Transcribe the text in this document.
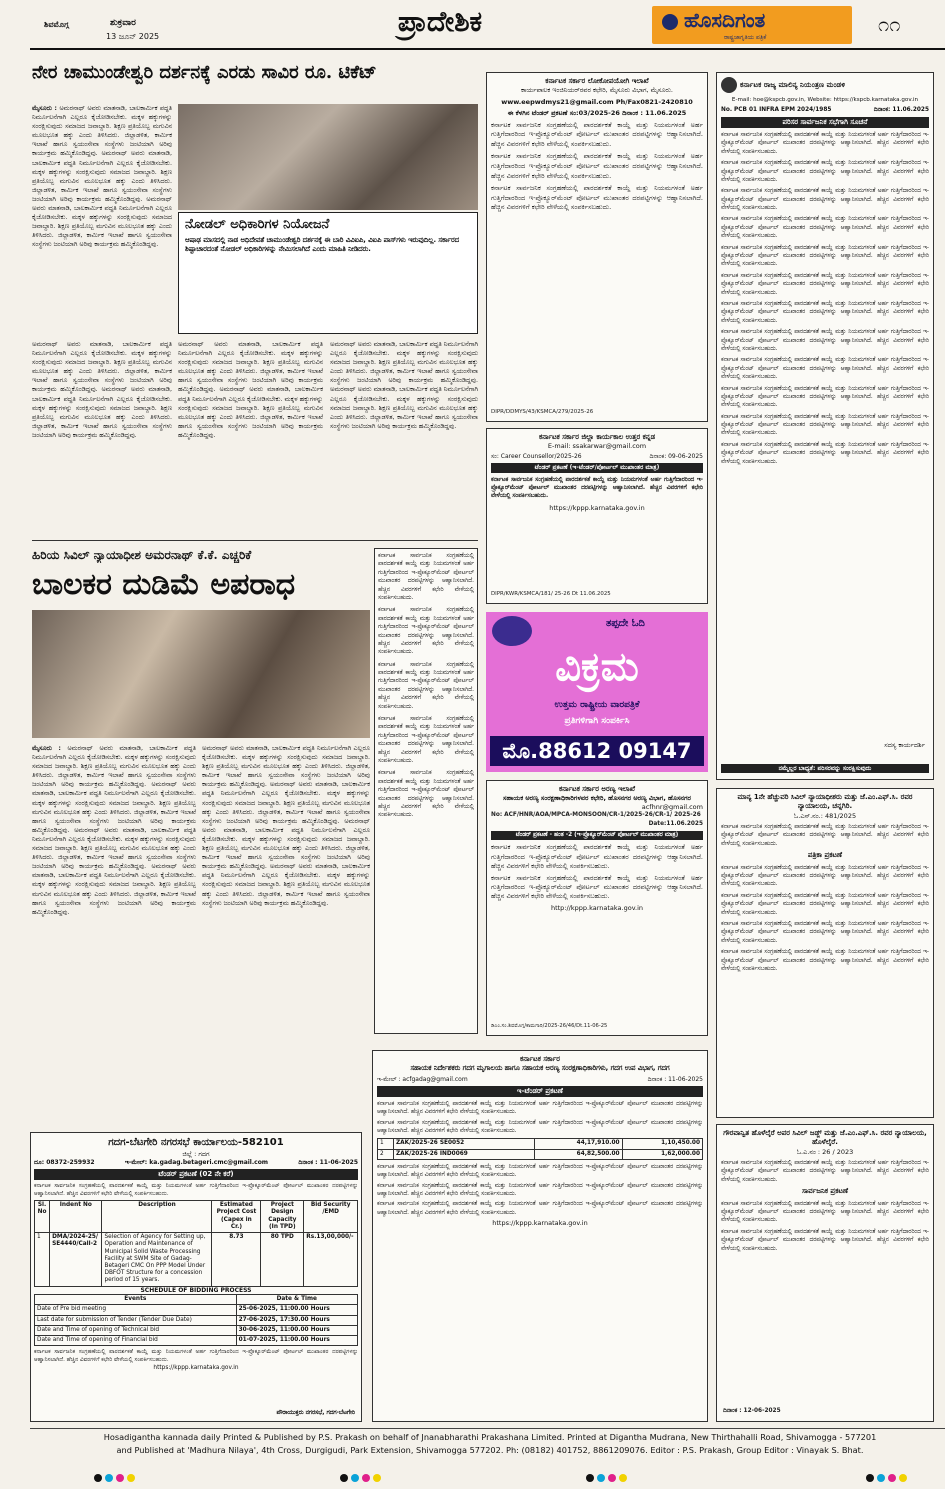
ಶಿವಮೊಗ್ಗ	ಶುಕ್ರವಾರ
13 ಜೂನ್ 2025	ಪ್ರಾದೇಶಿಕ	ಹೊಸದಿಗಂತ
ರಾಷ್ಟ್ರಜಾಗೃತಿಯ ಪತ್ರಿಕೆ
೧೧
ನೇರ ಚಾಮುಂಡೇಶ್ವರಿ ದರ್ಶನಕ್ಕೆ ಎರಡು ಸಾವಿರ ರೂ. ಟಿಕೆಟ್
ಮೈಸೂರು : ಅಮರನಾಥ್ ಅವರು ಮಾತನಾಡಿ, ಬಾಲಕಾರ್ಮಿಕ ಪದ್ಧತಿ ನಿರ್ಮೂಲನೆಗಾಗಿ ಎಲ್ಲರೂ ಕೈಜೋಡಿಸಬೇಕು. ಮಕ್ಕಳ ಹಕ್ಕುಗಳನ್ನು ಸಂರಕ್ಷಿಸುವುದು ಸಮಾಜದ ಜವಾಬ್ದಾರಿ. ಶಿಕ್ಷಣ ಪ್ರತಿಯೊಬ್ಬ ಮಗುವಿನ ಮೂಲಭೂತ ಹಕ್ಕು ಎಂದು ತಿಳಿಸಿದರು. ಜಿಲ್ಲಾಡಳಿತ, ಕಾರ್ಮಿಕ ಇಲಾಖೆ ಹಾಗೂ ಸ್ವಯಂಸೇವಾ ಸಂಸ್ಥೆಗಳು ಜಂಟಿಯಾಗಿ ಅರಿವು ಕಾರ್ಯಕ್ರಮ ಹಮ್ಮಿಕೊಂಡಿದ್ದವು. ಅಮರನಾಥ್ ಅವರು ಮಾತನಾಡಿ, ಬಾಲಕಾರ್ಮಿಕ ಪದ್ಧತಿ ನಿರ್ಮೂಲನೆಗಾಗಿ ಎಲ್ಲರೂ ಕೈಜೋಡಿಸಬೇಕು. ಮಕ್ಕಳ ಹಕ್ಕುಗಳನ್ನು ಸಂರಕ್ಷಿಸುವುದು ಸಮಾಜದ ಜವಾಬ್ದಾರಿ. ಶಿಕ್ಷಣ ಪ್ರತಿಯೊಬ್ಬ ಮಗುವಿನ ಮೂಲಭೂತ ಹಕ್ಕು ಎಂದು ತಿಳಿಸಿದರು. ಜಿಲ್ಲಾಡಳಿತ, ಕಾರ್ಮಿಕ ಇಲಾಖೆ ಹಾಗೂ ಸ್ವಯಂಸೇವಾ ಸಂಸ್ಥೆಗಳು ಜಂಟಿಯಾಗಿ ಅರಿವು ಕಾರ್ಯಕ್ರಮ ಹಮ್ಮಿಕೊಂಡಿದ್ದವು. ಅಮರನಾಥ್ ಅವರು ಮಾತನಾಡಿ, ಬಾಲಕಾರ್ಮಿಕ ಪದ್ಧತಿ ನಿರ್ಮೂಲನೆಗಾಗಿ ಎಲ್ಲರೂ ಕೈಜೋಡಿಸಬೇಕು. ಮಕ್ಕಳ ಹಕ್ಕುಗಳನ್ನು ಸಂರಕ್ಷಿಸುವುದು ಸಮಾಜದ ಜವಾಬ್ದಾರಿ. ಶಿಕ್ಷಣ ಪ್ರತಿಯೊಬ್ಬ ಮಗುವಿನ ಮೂಲಭೂತ ಹಕ್ಕು ಎಂದು ತಿಳಿಸಿದರು. ಜಿಲ್ಲಾಡಳಿತ, ಕಾರ್ಮಿಕ ಇಲಾಖೆ ಹಾಗೂ ಸ್ವಯಂಸೇವಾ ಸಂಸ್ಥೆಗಳು ಜಂಟಿಯಾಗಿ ಅರಿವು ಕಾರ್ಯಕ್ರಮ ಹಮ್ಮಿಕೊಂಡಿದ್ದವು.
ನೋಡಲ್ ಅಧಿಕಾರಿಗಳ ನಿಯೋಜನೆ
ಆಷಾಢ ಮಾಸದಲ್ಲಿ ನಾಡ ಅಧಿದೇವತೆ ಚಾಮುಂಡೇಶ್ವರಿ ದರ್ಶನಕ್ಕೆ ಈ ಬಾರಿ ವಿವಿಐಪಿ, ವಿಐಪಿ ಪಾಸ್‌ಗಳು ಇರುವುದಿಲ್ಲ. ಸರ್ಕಾರದ ಶಿಷ್ಟಾಚಾರದಂತೆ ನೋಡಲ್ ಅಧಿಕಾರಿಗಳನ್ನು ನೇಮಿಸಲಾಗಿದೆ ಎಂದು ಮಾಹಿತಿ ನೀಡಿದರು.
ಅಮರನಾಥ್ ಅವರು ಮಾತನಾಡಿ, ಬಾಲಕಾರ್ಮಿಕ ಪದ್ಧತಿ ನಿರ್ಮೂಲನೆಗಾಗಿ ಎಲ್ಲರೂ ಕೈಜೋಡಿಸಬೇಕು. ಮಕ್ಕಳ ಹಕ್ಕುಗಳನ್ನು ಸಂರಕ್ಷಿಸುವುದು ಸಮಾಜದ ಜವಾಬ್ದಾರಿ. ಶಿಕ್ಷಣ ಪ್ರತಿಯೊಬ್ಬ ಮಗುವಿನ ಮೂಲಭೂತ ಹಕ್ಕು ಎಂದು ತಿಳಿಸಿದರು. ಜಿಲ್ಲಾಡಳಿತ, ಕಾರ್ಮಿಕ ಇಲಾಖೆ ಹಾಗೂ ಸ್ವಯಂಸೇವಾ ಸಂಸ್ಥೆಗಳು ಜಂಟಿಯಾಗಿ ಅರಿವು ಕಾರ್ಯಕ್ರಮ ಹಮ್ಮಿಕೊಂಡಿದ್ದವು. ಅಮರನಾಥ್ ಅವರು ಮಾತನಾಡಿ, ಬಾಲಕಾರ್ಮಿಕ ಪದ್ಧತಿ ನಿರ್ಮೂಲನೆಗಾಗಿ ಎಲ್ಲರೂ ಕೈಜೋಡಿಸಬೇಕು. ಮಕ್ಕಳ ಹಕ್ಕುಗಳನ್ನು ಸಂರಕ್ಷಿಸುವುದು ಸಮಾಜದ ಜವಾಬ್ದಾರಿ. ಶಿಕ್ಷಣ ಪ್ರತಿಯೊಬ್ಬ ಮಗುವಿನ ಮೂಲಭೂತ ಹಕ್ಕು ಎಂದು ತಿಳಿಸಿದರು. ಜಿಲ್ಲಾಡಳಿತ, ಕಾರ್ಮಿಕ ಇಲಾಖೆ ಹಾಗೂ ಸ್ವಯಂಸೇವಾ ಸಂಸ್ಥೆಗಳು ಜಂಟಿಯಾಗಿ ಅರಿವು ಕಾರ್ಯಕ್ರಮ ಹಮ್ಮಿಕೊಂಡಿದ್ದವು.
ಅಮರನಾಥ್ ಅವರು ಮಾತನಾಡಿ, ಬಾಲಕಾರ್ಮಿಕ ಪದ್ಧತಿ ನಿರ್ಮೂಲನೆಗಾಗಿ ಎಲ್ಲರೂ ಕೈಜೋಡಿಸಬೇಕು. ಮಕ್ಕಳ ಹಕ್ಕುಗಳನ್ನು ಸಂರಕ್ಷಿಸುವುದು ಸಮಾಜದ ಜವಾಬ್ದಾರಿ. ಶಿಕ್ಷಣ ಪ್ರತಿಯೊಬ್ಬ ಮಗುವಿನ ಮೂಲಭೂತ ಹಕ್ಕು ಎಂದು ತಿಳಿಸಿದರು. ಜಿಲ್ಲಾಡಳಿತ, ಕಾರ್ಮಿಕ ಇಲಾಖೆ ಹಾಗೂ ಸ್ವಯಂಸೇವಾ ಸಂಸ್ಥೆಗಳು ಜಂಟಿಯಾಗಿ ಅರಿವು ಕಾರ್ಯಕ್ರಮ ಹಮ್ಮಿಕೊಂಡಿದ್ದವು. ಅಮರನಾಥ್ ಅವರು ಮಾತನಾಡಿ, ಬಾಲಕಾರ್ಮಿಕ ಪದ್ಧತಿ ನಿರ್ಮೂಲನೆಗಾಗಿ ಎಲ್ಲರೂ ಕೈಜೋಡಿಸಬೇಕು. ಮಕ್ಕಳ ಹಕ್ಕುಗಳನ್ನು ಸಂರಕ್ಷಿಸುವುದು ಸಮಾಜದ ಜವಾಬ್ದಾರಿ. ಶಿಕ್ಷಣ ಪ್ರತಿಯೊಬ್ಬ ಮಗುವಿನ ಮೂಲಭೂತ ಹಕ್ಕು ಎಂದು ತಿಳಿಸಿದರು. ಜಿಲ್ಲಾಡಳಿತ, ಕಾರ್ಮಿಕ ಇಲಾಖೆ ಹಾಗೂ ಸ್ವಯಂಸೇವಾ ಸಂಸ್ಥೆಗಳು ಜಂಟಿಯಾಗಿ ಅರಿವು ಕಾರ್ಯಕ್ರಮ ಹಮ್ಮಿಕೊಂಡಿದ್ದವು.
ಅಮರನಾಥ್ ಅವರು ಮಾತನಾಡಿ, ಬಾಲಕಾರ್ಮಿಕ ಪದ್ಧತಿ ನಿರ್ಮೂಲನೆಗಾಗಿ ಎಲ್ಲರೂ ಕೈಜೋಡಿಸಬೇಕು. ಮಕ್ಕಳ ಹಕ್ಕುಗಳನ್ನು ಸಂರಕ್ಷಿಸುವುದು ಸಮಾಜದ ಜವಾಬ್ದಾರಿ. ಶಿಕ್ಷಣ ಪ್ರತಿಯೊಬ್ಬ ಮಗುವಿನ ಮೂಲಭೂತ ಹಕ್ಕು ಎಂದು ತಿಳಿಸಿದರು. ಜಿಲ್ಲಾಡಳಿತ, ಕಾರ್ಮಿಕ ಇಲಾಖೆ ಹಾಗೂ ಸ್ವಯಂಸೇವಾ ಸಂಸ್ಥೆಗಳು ಜಂಟಿಯಾಗಿ ಅರಿವು ಕಾರ್ಯಕ್ರಮ ಹಮ್ಮಿಕೊಂಡಿದ್ದವು. ಅಮರನಾಥ್ ಅವರು ಮಾತನಾಡಿ, ಬಾಲಕಾರ್ಮಿಕ ಪದ್ಧತಿ ನಿರ್ಮೂಲನೆಗಾಗಿ ಎಲ್ಲರೂ ಕೈಜೋಡಿಸಬೇಕು. ಮಕ್ಕಳ ಹಕ್ಕುಗಳನ್ನು ಸಂರಕ್ಷಿಸುವುದು ಸಮಾಜದ ಜವಾಬ್ದಾರಿ. ಶಿಕ್ಷಣ ಪ್ರತಿಯೊಬ್ಬ ಮಗುವಿನ ಮೂಲಭೂತ ಹಕ್ಕು ಎಂದು ತಿಳಿಸಿದರು. ಜಿಲ್ಲಾಡಳಿತ, ಕಾರ್ಮಿಕ ಇಲಾಖೆ ಹಾಗೂ ಸ್ವಯಂಸೇವಾ ಸಂಸ್ಥೆಗಳು ಜಂಟಿಯಾಗಿ ಅರಿವು ಕಾರ್ಯಕ್ರಮ ಹಮ್ಮಿಕೊಂಡಿದ್ದವು.
ಹಿರಿಯ ಸಿವಿಲ್ ನ್ಯಾಯಾಧೀಶ ಅಮರನಾಥ್ ಕೆ.ಕೆ. ಎಚ್ಚರಿಕೆ
ಬಾಲಕರ ದುಡಿಮೆ ಅಪರಾಧ
ಮೈಸೂರು : ಅಮರನಾಥ್ ಅವರು ಮಾತನಾಡಿ, ಬಾಲಕಾರ್ಮಿಕ ಪದ್ಧತಿ ನಿರ್ಮೂಲನೆಗಾಗಿ ಎಲ್ಲರೂ ಕೈಜೋಡಿಸಬೇಕು. ಮಕ್ಕಳ ಹಕ್ಕುಗಳನ್ನು ಸಂರಕ್ಷಿಸುವುದು ಸಮಾಜದ ಜವಾಬ್ದಾರಿ. ಶಿಕ್ಷಣ ಪ್ರತಿಯೊಬ್ಬ ಮಗುವಿನ ಮೂಲಭೂತ ಹಕ್ಕು ಎಂದು ತಿಳಿಸಿದರು. ಜಿಲ್ಲಾಡಳಿತ, ಕಾರ್ಮಿಕ ಇಲಾಖೆ ಹಾಗೂ ಸ್ವಯಂಸೇವಾ ಸಂಸ್ಥೆಗಳು ಜಂಟಿಯಾಗಿ ಅರಿವು ಕಾರ್ಯಕ್ರಮ ಹಮ್ಮಿಕೊಂಡಿದ್ದವು. ಅಮರನಾಥ್ ಅವರು ಮಾತನಾಡಿ, ಬಾಲಕಾರ್ಮಿಕ ಪದ್ಧತಿ ನಿರ್ಮೂಲನೆಗಾಗಿ ಎಲ್ಲರೂ ಕೈಜೋಡಿಸಬೇಕು. ಮಕ್ಕಳ ಹಕ್ಕುಗಳನ್ನು ಸಂರಕ್ಷಿಸುವುದು ಸಮಾಜದ ಜವಾಬ್ದಾರಿ. ಶಿಕ್ಷಣ ಪ್ರತಿಯೊಬ್ಬ ಮಗುವಿನ ಮೂಲಭೂತ ಹಕ್ಕು ಎಂದು ತಿಳಿಸಿದರು. ಜಿಲ್ಲಾಡಳಿತ, ಕಾರ್ಮಿಕ ಇಲಾಖೆ ಹಾಗೂ ಸ್ವಯಂಸೇವಾ ಸಂಸ್ಥೆಗಳು ಜಂಟಿಯಾಗಿ ಅರಿವು ಕಾರ್ಯಕ್ರಮ ಹಮ್ಮಿಕೊಂಡಿದ್ದವು. ಅಮರನಾಥ್ ಅವರು ಮಾತನಾಡಿ, ಬಾಲಕಾರ್ಮಿಕ ಪದ್ಧತಿ ನಿರ್ಮೂಲನೆಗಾಗಿ ಎಲ್ಲರೂ ಕೈಜೋಡಿಸಬೇಕು. ಮಕ್ಕಳ ಹಕ್ಕುಗಳನ್ನು ಸಂರಕ್ಷಿಸುವುದು ಸಮಾಜದ ಜವಾಬ್ದಾರಿ. ಶಿಕ್ಷಣ ಪ್ರತಿಯೊಬ್ಬ ಮಗುವಿನ ಮೂಲಭೂತ ಹಕ್ಕು ಎಂದು ತಿಳಿಸಿದರು. ಜಿಲ್ಲಾಡಳಿತ, ಕಾರ್ಮಿಕ ಇಲಾಖೆ ಹಾಗೂ ಸ್ವಯಂಸೇವಾ ಸಂಸ್ಥೆಗಳು ಜಂಟಿಯಾಗಿ ಅರಿವು ಕಾರ್ಯಕ್ರಮ ಹಮ್ಮಿಕೊಂಡಿದ್ದವು. ಅಮರನಾಥ್ ಅವರು ಮಾತನಾಡಿ, ಬಾಲಕಾರ್ಮಿಕ ಪದ್ಧತಿ ನಿರ್ಮೂಲನೆಗಾಗಿ ಎಲ್ಲರೂ ಕೈಜೋಡಿಸಬೇಕು. ಮಕ್ಕಳ ಹಕ್ಕುಗಳನ್ನು ಸಂರಕ್ಷಿಸುವುದು ಸಮಾಜದ ಜವಾಬ್ದಾರಿ. ಶಿಕ್ಷಣ ಪ್ರತಿಯೊಬ್ಬ ಮಗುವಿನ ಮೂಲಭೂತ ಹಕ್ಕು ಎಂದು ತಿಳಿಸಿದರು. ಜಿಲ್ಲಾಡಳಿತ, ಕಾರ್ಮಿಕ ಇಲಾಖೆ ಹಾಗೂ ಸ್ವಯಂಸೇವಾ ಸಂಸ್ಥೆಗಳು ಜಂಟಿಯಾಗಿ ಅರಿವು ಕಾರ್ಯಕ್ರಮ ಹಮ್ಮಿಕೊಂಡಿದ್ದವು.
ಅಮರನಾಥ್ ಅವರು ಮಾತನಾಡಿ, ಬಾಲಕಾರ್ಮಿಕ ಪದ್ಧತಿ ನಿರ್ಮೂಲನೆಗಾಗಿ ಎಲ್ಲರೂ ಕೈಜೋಡಿಸಬೇಕು. ಮಕ್ಕಳ ಹಕ್ಕುಗಳನ್ನು ಸಂರಕ್ಷಿಸುವುದು ಸಮಾಜದ ಜವಾಬ್ದಾರಿ. ಶಿಕ್ಷಣ ಪ್ರತಿಯೊಬ್ಬ ಮಗುವಿನ ಮೂಲಭೂತ ಹಕ್ಕು ಎಂದು ತಿಳಿಸಿದರು. ಜಿಲ್ಲಾಡಳಿತ, ಕಾರ್ಮಿಕ ಇಲಾಖೆ ಹಾಗೂ ಸ್ವಯಂಸೇವಾ ಸಂಸ್ಥೆಗಳು ಜಂಟಿಯಾಗಿ ಅರಿವು ಕಾರ್ಯಕ್ರಮ ಹಮ್ಮಿಕೊಂಡಿದ್ದವು. ಅಮರನಾಥ್ ಅವರು ಮಾತನಾಡಿ, ಬಾಲಕಾರ್ಮಿಕ ಪದ್ಧತಿ ನಿರ್ಮೂಲನೆಗಾಗಿ ಎಲ್ಲರೂ ಕೈಜೋಡಿಸಬೇಕು. ಮಕ್ಕಳ ಹಕ್ಕುಗಳನ್ನು ಸಂರಕ್ಷಿಸುವುದು ಸಮಾಜದ ಜವಾಬ್ದಾರಿ. ಶಿಕ್ಷಣ ಪ್ರತಿಯೊಬ್ಬ ಮಗುವಿನ ಮೂಲಭೂತ ಹಕ್ಕು ಎಂದು ತಿಳಿಸಿದರು. ಜಿಲ್ಲಾಡಳಿತ, ಕಾರ್ಮಿಕ ಇಲಾಖೆ ಹಾಗೂ ಸ್ವಯಂಸೇವಾ ಸಂಸ್ಥೆಗಳು ಜಂಟಿಯಾಗಿ ಅರಿವು ಕಾರ್ಯಕ್ರಮ ಹಮ್ಮಿಕೊಂಡಿದ್ದವು. ಅಮರನಾಥ್ ಅವರು ಮಾತನಾಡಿ, ಬಾಲಕಾರ್ಮಿಕ ಪದ್ಧತಿ ನಿರ್ಮೂಲನೆಗಾಗಿ ಎಲ್ಲರೂ ಕೈಜೋಡಿಸಬೇಕು. ಮಕ್ಕಳ ಹಕ್ಕುಗಳನ್ನು ಸಂರಕ್ಷಿಸುವುದು ಸಮಾಜದ ಜವಾಬ್ದಾರಿ. ಶಿಕ್ಷಣ ಪ್ರತಿಯೊಬ್ಬ ಮಗುವಿನ ಮೂಲಭೂತ ಹಕ್ಕು ಎಂದು ತಿಳಿಸಿದರು. ಜಿಲ್ಲಾಡಳಿತ, ಕಾರ್ಮಿಕ ಇಲಾಖೆ ಹಾಗೂ ಸ್ವಯಂಸೇವಾ ಸಂಸ್ಥೆಗಳು ಜಂಟಿಯಾಗಿ ಅರಿವು ಕಾರ್ಯಕ್ರಮ ಹಮ್ಮಿಕೊಂಡಿದ್ದವು. ಅಮರನಾಥ್ ಅವರು ಮಾತನಾಡಿ, ಬಾಲಕಾರ್ಮಿಕ ಪದ್ಧತಿ ನಿರ್ಮೂಲನೆಗಾಗಿ ಎಲ್ಲರೂ ಕೈಜೋಡಿಸಬೇಕು. ಮಕ್ಕಳ ಹಕ್ಕುಗಳನ್ನು ಸಂರಕ್ಷಿಸುವುದು ಸಮಾಜದ ಜವಾಬ್ದಾರಿ. ಶಿಕ್ಷಣ ಪ್ರತಿಯೊಬ್ಬ ಮಗುವಿನ ಮೂಲಭೂತ ಹಕ್ಕು ಎಂದು ತಿಳಿಸಿದರು. ಜಿಲ್ಲಾಡಳಿತ, ಕಾರ್ಮಿಕ ಇಲಾಖೆ ಹಾಗೂ ಸ್ವಯಂಸೇವಾ ಸಂಸ್ಥೆಗಳು ಜಂಟಿಯಾಗಿ ಅರಿವು ಕಾರ್ಯಕ್ರಮ ಹಮ್ಮಿಕೊಂಡಿದ್ದವು.
ಕರ್ನಾಟಕ ಸಾರ್ವಜನಿಕ ಸಂಗ್ರಹಣೆಯಲ್ಲಿ ಪಾರದರ್ಶಕತೆ ಕಾಯ್ದೆ ಮತ್ತು ನಿಯಮಗಳಂತೆ ಅರ್ಹ ಗುತ್ತಿಗೆದಾರರಿಂದ ಇ-ಪ್ರೊಕ್ಯೂರ್‌ಮೆಂಟ್ ಪೋರ್ಟಲ್ ಮುಖಾಂತರ ದರಪಟ್ಟಿಗಳನ್ನು ಆಹ್ವಾನಿಸಲಾಗಿದೆ. ಹೆಚ್ಚಿನ ವಿವರಗಳಿಗೆ ಕಛೇರಿ ವೇಳೆಯಲ್ಲಿ ಸಂಪರ್ಕಿಸಬಹುದು.
ಕರ್ನಾಟಕ ಸಾರ್ವಜನಿಕ ಸಂಗ್ರಹಣೆಯಲ್ಲಿ ಪಾರದರ್ಶಕತೆ ಕಾಯ್ದೆ ಮತ್ತು ನಿಯಮಗಳಂತೆ ಅರ್ಹ ಗುತ್ತಿಗೆದಾರರಿಂದ ಇ-ಪ್ರೊಕ್ಯೂರ್‌ಮೆಂಟ್ ಪೋರ್ಟಲ್ ಮುಖಾಂತರ ದರಪಟ್ಟಿಗಳನ್ನು ಆಹ್ವಾನಿಸಲಾಗಿದೆ. ಹೆಚ್ಚಿನ ವಿವರಗಳಿಗೆ ಕಛೇರಿ ವೇಳೆಯಲ್ಲಿ ಸಂಪರ್ಕಿಸಬಹುದು.
ಕರ್ನಾಟಕ ಸಾರ್ವಜನಿಕ ಸಂಗ್ರಹಣೆಯಲ್ಲಿ ಪಾರದರ್ಶಕತೆ ಕಾಯ್ದೆ ಮತ್ತು ನಿಯಮಗಳಂತೆ ಅರ್ಹ ಗುತ್ತಿಗೆದಾರರಿಂದ ಇ-ಪ್ರೊಕ್ಯೂರ್‌ಮೆಂಟ್ ಪೋರ್ಟಲ್ ಮುಖಾಂತರ ದರಪಟ್ಟಿಗಳನ್ನು ಆಹ್ವಾನಿಸಲಾಗಿದೆ. ಹೆಚ್ಚಿನ ವಿವರಗಳಿಗೆ ಕಛೇರಿ ವೇಳೆಯಲ್ಲಿ ಸಂಪರ್ಕಿಸಬಹುದು.
ಕರ್ನಾಟಕ ಸಾರ್ವಜನಿಕ ಸಂಗ್ರಹಣೆಯಲ್ಲಿ ಪಾರದರ್ಶಕತೆ ಕಾಯ್ದೆ ಮತ್ತು ನಿಯಮಗಳಂತೆ ಅರ್ಹ ಗುತ್ತಿಗೆದಾರರಿಂದ ಇ-ಪ್ರೊಕ್ಯೂರ್‌ಮೆಂಟ್ ಪೋರ್ಟಲ್ ಮುಖಾಂತರ ದರಪಟ್ಟಿಗಳನ್ನು ಆಹ್ವಾನಿಸಲಾಗಿದೆ. ಹೆಚ್ಚಿನ ವಿವರಗಳಿಗೆ ಕಛೇರಿ ವೇಳೆಯಲ್ಲಿ ಸಂಪರ್ಕಿಸಬಹುದು.
ಕರ್ನಾಟಕ ಸಾರ್ವಜನಿಕ ಸಂಗ್ರಹಣೆಯಲ್ಲಿ ಪಾರದರ್ಶಕತೆ ಕಾಯ್ದೆ ಮತ್ತು ನಿಯಮಗಳಂತೆ ಅರ್ಹ ಗುತ್ತಿಗೆದಾರರಿಂದ ಇ-ಪ್ರೊಕ್ಯೂರ್‌ಮೆಂಟ್ ಪೋರ್ಟಲ್ ಮುಖಾಂತರ ದರಪಟ್ಟಿಗಳನ್ನು ಆಹ್ವಾನಿಸಲಾಗಿದೆ. ಹೆಚ್ಚಿನ ವಿವರಗಳಿಗೆ ಕಛೇರಿ ವೇಳೆಯಲ್ಲಿ ಸಂಪರ್ಕಿಸಬಹುದು.
ಕರ್ನಾಟಕ ಸರ್ಕಾರ ಲೋಕೋಪಯೋಗಿ ಇಲಾಖೆ
ಕಾರ್ಯಪಾಲಕ ಇಂಜಿನಿಯರ್‌ರವರ ಕಛೇರಿ, ಮೈಸೂರು ವಿಭಾಗ, ಮೈಸೂರು.
www.eepwdmys21@gmail.com Ph/Fax0821-2420810
ಈ ಕೆಳಗಿನ ಟೆಂಡರ್ ಪ್ರಕಟಣೆ ಸಂ:03/2025-26 ದಿನಾಂಕ : 11.06.2025
ಕರ್ನಾಟಕ ಸಾರ್ವಜನಿಕ ಸಂಗ್ರಹಣೆಯಲ್ಲಿ ಪಾರದರ್ಶಕತೆ ಕಾಯ್ದೆ ಮತ್ತು ನಿಯಮಗಳಂತೆ ಅರ್ಹ ಗುತ್ತಿಗೆದಾರರಿಂದ ಇ-ಪ್ರೊಕ್ಯೂರ್‌ಮೆಂಟ್ ಪೋರ್ಟಲ್ ಮುಖಾಂತರ ದರಪಟ್ಟಿಗಳನ್ನು ಆಹ್ವಾನಿಸಲಾಗಿದೆ. ಹೆಚ್ಚಿನ ವಿವರಗಳಿಗೆ ಕಛೇರಿ ವೇಳೆಯಲ್ಲಿ ಸಂಪರ್ಕಿಸಬಹುದು.
ಕರ್ನಾಟಕ ಸಾರ್ವಜನಿಕ ಸಂಗ್ರಹಣೆಯಲ್ಲಿ ಪಾರದರ್ಶಕತೆ ಕಾಯ್ದೆ ಮತ್ತು ನಿಯಮಗಳಂತೆ ಅರ್ಹ ಗುತ್ತಿಗೆದಾರರಿಂದ ಇ-ಪ್ರೊಕ್ಯೂರ್‌ಮೆಂಟ್ ಪೋರ್ಟಲ್ ಮುಖಾಂತರ ದರಪಟ್ಟಿಗಳನ್ನು ಆಹ್ವಾನಿಸಲಾಗಿದೆ. ಹೆಚ್ಚಿನ ವಿವರಗಳಿಗೆ ಕಛೇರಿ ವೇಳೆಯಲ್ಲಿ ಸಂಪರ್ಕಿಸಬಹುದು.
ಕರ್ನಾಟಕ ಸಾರ್ವಜನಿಕ ಸಂಗ್ರಹಣೆಯಲ್ಲಿ ಪಾರದರ್ಶಕತೆ ಕಾಯ್ದೆ ಮತ್ತು ನಿಯಮಗಳಂತೆ ಅರ್ಹ ಗುತ್ತಿಗೆದಾರರಿಂದ ಇ-ಪ್ರೊಕ್ಯೂರ್‌ಮೆಂಟ್ ಪೋರ್ಟಲ್ ಮುಖಾಂತರ ದರಪಟ್ಟಿಗಳನ್ನು ಆಹ್ವಾನಿಸಲಾಗಿದೆ. ಹೆಚ್ಚಿನ ವಿವರಗಳಿಗೆ ಕಛೇರಿ ವೇಳೆಯಲ್ಲಿ ಸಂಪರ್ಕಿಸಬಹುದು.
DIPR/DDMYS/43/KSMCA/279/2025-26
ಕರ್ನಾಟಕ ಸರ್ಕಾರ ಜಿಲ್ಲಾ ಕಾರ್ಯಕಾಲ ಉತ್ತರ ಕನ್ನಡ
E-mail: ssakarwar@gmail.com
ಸಂ: Career Counsellor/2025-26	ದಿನಾಂಕ: 09-06-2025
ಟೆಂಡರ್ ಪ್ರಕಟಣೆ (ಇ-ಟೆಂಡರ್/ಪೋರ್ಟಲ್ ಮುಖಾಂತರ ಮಾತ್ರ)
ಕರ್ನಾಟಕ ಸಾರ್ವಜನಿಕ ಸಂಗ್ರಹಣೆಯಲ್ಲಿ ಪಾರದರ್ಶಕತೆ ಕಾಯ್ದೆ ಮತ್ತು ನಿಯಮಗಳಂತೆ ಅರ್ಹ ಗುತ್ತಿಗೆದಾರರಿಂದ ಇ-ಪ್ರೊಕ್ಯೂರ್‌ಮೆಂಟ್ ಪೋರ್ಟಲ್ ಮುಖಾಂತರ ದರಪಟ್ಟಿಗಳನ್ನು ಆಹ್ವಾನಿಸಲಾಗಿದೆ. ಹೆಚ್ಚಿನ ವಿವರಗಳಿಗೆ ಕಛೇರಿ ವೇಳೆಯಲ್ಲಿ ಸಂಪರ್ಕಿಸಬಹುದು.
https://kppp.karnataka.gov.in
DIPR/KWR/KSMCA/181/ 25-26 Dt 11.06.2025
ತಪ್ಪದೇ ಓದಿ
ವಿಕ್ರಮ
ಉತ್ತಮ ರಾಷ್ಟ್ರೀಯ ವಾರಪತ್ರಿಕೆ
ಪ್ರತಿಗಳಿಗಾಗಿ ಸಂಪರ್ಕಿಸಿ
ಮೊ.88612 09147
ಕರ್ನಾಟಕ ಸರ್ಕಾರ ಅರಣ್ಯ ಇಲಾಖೆ
ಸಹಾಯಕ ಅರಣ್ಯ ಸಂರಕ್ಷಣಾಧಿಕಾರಿಗಳವರ ಕಛೇರಿ, ಹೊಸನಗರ ಅರಣ್ಯ ವಿಭಾಗ, ಹೊಸನಗರ
acfhnr@gmail.com
No: ACF/HNR/AOA/MPCA-MONSOON/CR-1/2025-26/CR-1/ 2025-26
Date:11.06.2025
ಟೆಂಡರ್ ಪ್ರಕಟಣೆ - ಹಂತ -2 (ಇ-ಪ್ರೊಕ್ಯೂರ್‌ಮೆಂಟ್ ಪೋರ್ಟಲ್ ಮುಖಾಂತರ ಮಾತ್ರ)
ಕರ್ನಾಟಕ ಸಾರ್ವಜನಿಕ ಸಂಗ್ರಹಣೆಯಲ್ಲಿ ಪಾರದರ್ಶಕತೆ ಕಾಯ್ದೆ ಮತ್ತು ನಿಯಮಗಳಂತೆ ಅರ್ಹ ಗುತ್ತಿಗೆದಾರರಿಂದ ಇ-ಪ್ರೊಕ್ಯೂರ್‌ಮೆಂಟ್ ಪೋರ್ಟಲ್ ಮುಖಾಂತರ ದರಪಟ್ಟಿಗಳನ್ನು ಆಹ್ವಾನಿಸಲಾಗಿದೆ. ಹೆಚ್ಚಿನ ವಿವರಗಳಿಗೆ ಕಛೇರಿ ವೇಳೆಯಲ್ಲಿ ಸಂಪರ್ಕಿಸಬಹುದು.
ಕರ್ನಾಟಕ ಸಾರ್ವಜನಿಕ ಸಂಗ್ರಹಣೆಯಲ್ಲಿ ಪಾರದರ್ಶಕತೆ ಕಾಯ್ದೆ ಮತ್ತು ನಿಯಮಗಳಂತೆ ಅರ್ಹ ಗುತ್ತಿಗೆದಾರರಿಂದ ಇ-ಪ್ರೊಕ್ಯೂರ್‌ಮೆಂಟ್ ಪೋರ್ಟಲ್ ಮುಖಾಂತರ ದರಪಟ್ಟಿಗಳನ್ನು ಆಹ್ವಾನಿಸಲಾಗಿದೆ. ಹೆಚ್ಚಿನ ವಿವರಗಳಿಗೆ ಕಛೇರಿ ವೇಳೆಯಲ್ಲಿ ಸಂಪರ್ಕಿಸಬಹುದು.
http://kppp.karnataka.gov.in
ಡಿಎಂ.ಸಂ.ಶಿವಮೊಗ್ಗ/ಕಾಮಗಾರಿ/2025-26/46/Dt.11-06-25
ಕರ್ನಾಟಕ ರಾಜ್ಯ ಮಾಲಿನ್ಯ ನಿಯಂತ್ರಣ ಮಂಡಳಿ
E-mail: hoe@kspcb.gov.in, Website: https://kspcb.karnataka.gov.in
No. PCB 01 INFRA EPM 2024/1985	ದಿನಾಂಕ: 11.06.2025
ಪರಿಸರ ಸಾರ್ವಜನಿಕ ಸಭೆಗಾಗಿ ಸೂಚನೆ
ಕರ್ನಾಟಕ ಸಾರ್ವಜನಿಕ ಸಂಗ್ರಹಣೆಯಲ್ಲಿ ಪಾರದರ್ಶಕತೆ ಕಾಯ್ದೆ ಮತ್ತು ನಿಯಮಗಳಂತೆ ಅರ್ಹ ಗುತ್ತಿಗೆದಾರರಿಂದ ಇ-ಪ್ರೊಕ್ಯೂರ್‌ಮೆಂಟ್ ಪೋರ್ಟಲ್ ಮುಖಾಂತರ ದರಪಟ್ಟಿಗಳನ್ನು ಆಹ್ವಾನಿಸಲಾಗಿದೆ. ಹೆಚ್ಚಿನ ವಿವರಗಳಿಗೆ ಕಛೇರಿ ವೇಳೆಯಲ್ಲಿ ಸಂಪರ್ಕಿಸಬಹುದು.
ಕರ್ನಾಟಕ ಸಾರ್ವಜನಿಕ ಸಂಗ್ರಹಣೆಯಲ್ಲಿ ಪಾರದರ್ಶಕತೆ ಕಾಯ್ದೆ ಮತ್ತು ನಿಯಮಗಳಂತೆ ಅರ್ಹ ಗುತ್ತಿಗೆದಾರರಿಂದ ಇ-ಪ್ರೊಕ್ಯೂರ್‌ಮೆಂಟ್ ಪೋರ್ಟಲ್ ಮುಖಾಂತರ ದರಪಟ್ಟಿಗಳನ್ನು ಆಹ್ವಾನಿಸಲಾಗಿದೆ. ಹೆಚ್ಚಿನ ವಿವರಗಳಿಗೆ ಕಛೇರಿ ವೇಳೆಯಲ್ಲಿ ಸಂಪರ್ಕಿಸಬಹುದು.
ಕರ್ನಾಟಕ ಸಾರ್ವಜನಿಕ ಸಂಗ್ರಹಣೆಯಲ್ಲಿ ಪಾರದರ್ಶಕತೆ ಕಾಯ್ದೆ ಮತ್ತು ನಿಯಮಗಳಂತೆ ಅರ್ಹ ಗುತ್ತಿಗೆದಾರರಿಂದ ಇ-ಪ್ರೊಕ್ಯೂರ್‌ಮೆಂಟ್ ಪೋರ್ಟಲ್ ಮುಖಾಂತರ ದರಪಟ್ಟಿಗಳನ್ನು ಆಹ್ವಾನಿಸಲಾಗಿದೆ. ಹೆಚ್ಚಿನ ವಿವರಗಳಿಗೆ ಕಛೇರಿ ವೇಳೆಯಲ್ಲಿ ಸಂಪರ್ಕಿಸಬಹುದು.
ಕರ್ನಾಟಕ ಸಾರ್ವಜನಿಕ ಸಂಗ್ರಹಣೆಯಲ್ಲಿ ಪಾರದರ್ಶಕತೆ ಕಾಯ್ದೆ ಮತ್ತು ನಿಯಮಗಳಂತೆ ಅರ್ಹ ಗುತ್ತಿಗೆದಾರರಿಂದ ಇ-ಪ್ರೊಕ್ಯೂರ್‌ಮೆಂಟ್ ಪೋರ್ಟಲ್ ಮುಖಾಂತರ ದರಪಟ್ಟಿಗಳನ್ನು ಆಹ್ವಾನಿಸಲಾಗಿದೆ. ಹೆಚ್ಚಿನ ವಿವರಗಳಿಗೆ ಕಛೇರಿ ವೇಳೆಯಲ್ಲಿ ಸಂಪರ್ಕಿಸಬಹುದು.
ಕರ್ನಾಟಕ ಸಾರ್ವಜನಿಕ ಸಂಗ್ರಹಣೆಯಲ್ಲಿ ಪಾರದರ್ಶಕತೆ ಕಾಯ್ದೆ ಮತ್ತು ನಿಯಮಗಳಂತೆ ಅರ್ಹ ಗುತ್ತಿಗೆದಾರರಿಂದ ಇ-ಪ್ರೊಕ್ಯೂರ್‌ಮೆಂಟ್ ಪೋರ್ಟಲ್ ಮುಖಾಂತರ ದರಪಟ್ಟಿಗಳನ್ನು ಆಹ್ವಾನಿಸಲಾಗಿದೆ. ಹೆಚ್ಚಿನ ವಿವರಗಳಿಗೆ ಕಛೇರಿ ವೇಳೆಯಲ್ಲಿ ಸಂಪರ್ಕಿಸಬಹುದು.
ಕರ್ನಾಟಕ ಸಾರ್ವಜನಿಕ ಸಂಗ್ರಹಣೆಯಲ್ಲಿ ಪಾರದರ್ಶಕತೆ ಕಾಯ್ದೆ ಮತ್ತು ನಿಯಮಗಳಂತೆ ಅರ್ಹ ಗುತ್ತಿಗೆದಾರರಿಂದ ಇ-ಪ್ರೊಕ್ಯೂರ್‌ಮೆಂಟ್ ಪೋರ್ಟಲ್ ಮುಖಾಂತರ ದರಪಟ್ಟಿಗಳನ್ನು ಆಹ್ವಾನಿಸಲಾಗಿದೆ. ಹೆಚ್ಚಿನ ವಿವರಗಳಿಗೆ ಕಛೇರಿ ವೇಳೆಯಲ್ಲಿ ಸಂಪರ್ಕಿಸಬಹುದು.
ಕರ್ನಾಟಕ ಸಾರ್ವಜನಿಕ ಸಂಗ್ರಹಣೆಯಲ್ಲಿ ಪಾರದರ್ಶಕತೆ ಕಾಯ್ದೆ ಮತ್ತು ನಿಯಮಗಳಂತೆ ಅರ್ಹ ಗುತ್ತಿಗೆದಾರರಿಂದ ಇ-ಪ್ರೊಕ್ಯೂರ್‌ಮೆಂಟ್ ಪೋರ್ಟಲ್ ಮುಖಾಂತರ ದರಪಟ್ಟಿಗಳನ್ನು ಆಹ್ವಾನಿಸಲಾಗಿದೆ. ಹೆಚ್ಚಿನ ವಿವರಗಳಿಗೆ ಕಛೇರಿ ವೇಳೆಯಲ್ಲಿ ಸಂಪರ್ಕಿಸಬಹುದು.
ಕರ್ನಾಟಕ ಸಾರ್ವಜನಿಕ ಸಂಗ್ರಹಣೆಯಲ್ಲಿ ಪಾರದರ್ಶಕತೆ ಕಾಯ್ದೆ ಮತ್ತು ನಿಯಮಗಳಂತೆ ಅರ್ಹ ಗುತ್ತಿಗೆದಾರರಿಂದ ಇ-ಪ್ರೊಕ್ಯೂರ್‌ಮೆಂಟ್ ಪೋರ್ಟಲ್ ಮುಖಾಂತರ ದರಪಟ್ಟಿಗಳನ್ನು ಆಹ್ವಾನಿಸಲಾಗಿದೆ. ಹೆಚ್ಚಿನ ವಿವರಗಳಿಗೆ ಕಛೇರಿ ವೇಳೆಯಲ್ಲಿ ಸಂಪರ್ಕಿಸಬಹುದು.
ಕರ್ನಾಟಕ ಸಾರ್ವಜನಿಕ ಸಂಗ್ರಹಣೆಯಲ್ಲಿ ಪಾರದರ್ಶಕತೆ ಕಾಯ್ದೆ ಮತ್ತು ನಿಯಮಗಳಂತೆ ಅರ್ಹ ಗುತ್ತಿಗೆದಾರರಿಂದ ಇ-ಪ್ರೊಕ್ಯೂರ್‌ಮೆಂಟ್ ಪೋರ್ಟಲ್ ಮುಖಾಂತರ ದರಪಟ್ಟಿಗಳನ್ನು ಆಹ್ವಾನಿಸಲಾಗಿದೆ. ಹೆಚ್ಚಿನ ವಿವರಗಳಿಗೆ ಕಛೇರಿ ವೇಳೆಯಲ್ಲಿ ಸಂಪರ್ಕಿಸಬಹುದು.
ಕರ್ನಾಟಕ ಸಾರ್ವಜನಿಕ ಸಂಗ್ರಹಣೆಯಲ್ಲಿ ಪಾರದರ್ಶಕತೆ ಕಾಯ್ದೆ ಮತ್ತು ನಿಯಮಗಳಂತೆ ಅರ್ಹ ಗುತ್ತಿಗೆದಾರರಿಂದ ಇ-ಪ್ರೊಕ್ಯೂರ್‌ಮೆಂಟ್ ಪೋರ್ಟಲ್ ಮುಖಾಂತರ ದರಪಟ್ಟಿಗಳನ್ನು ಆಹ್ವಾನಿಸಲಾಗಿದೆ. ಹೆಚ್ಚಿನ ವಿವರಗಳಿಗೆ ಕಛೇರಿ ವೇಳೆಯಲ್ಲಿ ಸಂಪರ್ಕಿಸಬಹುದು.
ಕರ್ನಾಟಕ ಸಾರ್ವಜನಿಕ ಸಂಗ್ರಹಣೆಯಲ್ಲಿ ಪಾರದರ್ಶಕತೆ ಕಾಯ್ದೆ ಮತ್ತು ನಿಯಮಗಳಂತೆ ಅರ್ಹ ಗುತ್ತಿಗೆದಾರರಿಂದ ಇ-ಪ್ರೊಕ್ಯೂರ್‌ಮೆಂಟ್ ಪೋರ್ಟಲ್ ಮುಖಾಂತರ ದರಪಟ್ಟಿಗಳನ್ನು ಆಹ್ವಾನಿಸಲಾಗಿದೆ. ಹೆಚ್ಚಿನ ವಿವರಗಳಿಗೆ ಕಛೇರಿ ವೇಳೆಯಲ್ಲಿ ಸಂಪರ್ಕಿಸಬಹುದು.
ಕರ್ನಾಟಕ ಸಾರ್ವಜನಿಕ ಸಂಗ್ರಹಣೆಯಲ್ಲಿ ಪಾರದರ್ಶಕತೆ ಕಾಯ್ದೆ ಮತ್ತು ನಿಯಮಗಳಂತೆ ಅರ್ಹ ಗುತ್ತಿಗೆದಾರರಿಂದ ಇ-ಪ್ರೊಕ್ಯೂರ್‌ಮೆಂಟ್ ಪೋರ್ಟಲ್ ಮುಖಾಂತರ ದರಪಟ್ಟಿಗಳನ್ನು ಆಹ್ವಾನಿಸಲಾಗಿದೆ. ಹೆಚ್ಚಿನ ವಿವರಗಳಿಗೆ ಕಛೇರಿ ವೇಳೆಯಲ್ಲಿ ಸಂಪರ್ಕಿಸಬಹುದು.
ಸದಸ್ಯ ಕಾರ್ಯದರ್ಶಿ
ನಮ್ಮೆಲ್ಲರ ಬಾಧ್ಯತೆ: ಪರಿಸರವನ್ನು ಸಂರಕ್ಷಿಸುವುದು
ಮಾನ್ಯ 1ನೇ ಹೆಚ್ಚುವರಿ ಸಿವಿಲ್ ನ್ಯಾಯಾಧೀಶರು ಮತ್ತು ಜೆ.ಎಂ.ಎಫ್.ಸಿ. ರವರ ನ್ಯಾಯಾಲಯ, ಚನ್ನಗಿರಿ.
ಓ.ಎಸ್.ನಂ.: 481/2025
ಕರ್ನಾಟಕ ಸಾರ್ವಜನಿಕ ಸಂಗ್ರಹಣೆಯಲ್ಲಿ ಪಾರದರ್ಶಕತೆ ಕಾಯ್ದೆ ಮತ್ತು ನಿಯಮಗಳಂತೆ ಅರ್ಹ ಗುತ್ತಿಗೆದಾರರಿಂದ ಇ-ಪ್ರೊಕ್ಯೂರ್‌ಮೆಂಟ್ ಪೋರ್ಟಲ್ ಮುಖಾಂತರ ದರಪಟ್ಟಿಗಳನ್ನು ಆಹ್ವಾನಿಸಲಾಗಿದೆ. ಹೆಚ್ಚಿನ ವಿವರಗಳಿಗೆ ಕಛೇರಿ ವೇಳೆಯಲ್ಲಿ ಸಂಪರ್ಕಿಸಬಹುದು.
ಪತ್ರಿಕಾ ಪ್ರಕಟಣೆ
ಕರ್ನಾಟಕ ಸಾರ್ವಜನಿಕ ಸಂಗ್ರಹಣೆಯಲ್ಲಿ ಪಾರದರ್ಶಕತೆ ಕಾಯ್ದೆ ಮತ್ತು ನಿಯಮಗಳಂತೆ ಅರ್ಹ ಗುತ್ತಿಗೆದಾರರಿಂದ ಇ-ಪ್ರೊಕ್ಯೂರ್‌ಮೆಂಟ್ ಪೋರ್ಟಲ್ ಮುಖಾಂತರ ದರಪಟ್ಟಿಗಳನ್ನು ಆಹ್ವಾನಿಸಲಾಗಿದೆ. ಹೆಚ್ಚಿನ ವಿವರಗಳಿಗೆ ಕಛೇರಿ ವೇಳೆಯಲ್ಲಿ ಸಂಪರ್ಕಿಸಬಹುದು.
ಕರ್ನಾಟಕ ಸಾರ್ವಜನಿಕ ಸಂಗ್ರಹಣೆಯಲ್ಲಿ ಪಾರದರ್ಶಕತೆ ಕಾಯ್ದೆ ಮತ್ತು ನಿಯಮಗಳಂತೆ ಅರ್ಹ ಗುತ್ತಿಗೆದಾರರಿಂದ ಇ-ಪ್ರೊಕ್ಯೂರ್‌ಮೆಂಟ್ ಪೋರ್ಟಲ್ ಮುಖಾಂತರ ದರಪಟ್ಟಿಗಳನ್ನು ಆಹ್ವಾನಿಸಲಾಗಿದೆ. ಹೆಚ್ಚಿನ ವಿವರಗಳಿಗೆ ಕಛೇರಿ ವೇಳೆಯಲ್ಲಿ ಸಂಪರ್ಕಿಸಬಹುದು.
ಕರ್ನಾಟಕ ಸಾರ್ವಜನಿಕ ಸಂಗ್ರಹಣೆಯಲ್ಲಿ ಪಾರದರ್ಶಕತೆ ಕಾಯ್ದೆ ಮತ್ತು ನಿಯಮಗಳಂತೆ ಅರ್ಹ ಗುತ್ತಿಗೆದಾರರಿಂದ ಇ-ಪ್ರೊಕ್ಯೂರ್‌ಮೆಂಟ್ ಪೋರ್ಟಲ್ ಮುಖಾಂತರ ದರಪಟ್ಟಿಗಳನ್ನು ಆಹ್ವಾನಿಸಲಾಗಿದೆ. ಹೆಚ್ಚಿನ ವಿವರಗಳಿಗೆ ಕಛೇರಿ ವೇಳೆಯಲ್ಲಿ ಸಂಪರ್ಕಿಸಬಹುದು.
ಕರ್ನಾಟಕ ಸಾರ್ವಜನಿಕ ಸಂಗ್ರಹಣೆಯಲ್ಲಿ ಪಾರದರ್ಶಕತೆ ಕಾಯ್ದೆ ಮತ್ತು ನಿಯಮಗಳಂತೆ ಅರ್ಹ ಗುತ್ತಿಗೆದಾರರಿಂದ ಇ-ಪ್ರೊಕ್ಯೂರ್‌ಮೆಂಟ್ ಪೋರ್ಟಲ್ ಮುಖಾಂತರ ದರಪಟ್ಟಿಗಳನ್ನು ಆಹ್ವಾನಿಸಲಾಗಿದೆ. ಹೆಚ್ಚಿನ ವಿವರಗಳಿಗೆ ಕಛೇರಿ ವೇಳೆಯಲ್ಲಿ ಸಂಪರ್ಕಿಸಬಹುದು.
ಗೌರವಾನ್ವಿತ ಹೊಳೆಲ್ಕೆರೆ ಅಪರ ಸಿವಿಲ್ ಜಡ್ಜ್ ಮತ್ತು ಜೆ.ಎಂ.ಎಫ್.ಸಿ. ರವರ ನ್ಯಾಯಾಲಯ, ಹೊಳೆಲ್ಕೆರೆ.
ಓ.ಎ.ನಂ : 26 / 2023
ಕರ್ನಾಟಕ ಸಾರ್ವಜನಿಕ ಸಂಗ್ರಹಣೆಯಲ್ಲಿ ಪಾರದರ್ಶಕತೆ ಕಾಯ್ದೆ ಮತ್ತು ನಿಯಮಗಳಂತೆ ಅರ್ಹ ಗುತ್ತಿಗೆದಾರರಿಂದ ಇ-ಪ್ರೊಕ್ಯೂರ್‌ಮೆಂಟ್ ಪೋರ್ಟಲ್ ಮುಖಾಂತರ ದರಪಟ್ಟಿಗಳನ್ನು ಆಹ್ವಾನಿಸಲಾಗಿದೆ. ಹೆಚ್ಚಿನ ವಿವರಗಳಿಗೆ ಕಛೇರಿ ವೇಳೆಯಲ್ಲಿ ಸಂಪರ್ಕಿಸಬಹುದು.
ಸಾರ್ವಜನಿಕ ಪ್ರಕಟಣೆ
ಕರ್ನಾಟಕ ಸಾರ್ವಜನಿಕ ಸಂಗ್ರಹಣೆಯಲ್ಲಿ ಪಾರದರ್ಶಕತೆ ಕಾಯ್ದೆ ಮತ್ತು ನಿಯಮಗಳಂತೆ ಅರ್ಹ ಗುತ್ತಿಗೆದಾರರಿಂದ ಇ-ಪ್ರೊಕ್ಯೂರ್‌ಮೆಂಟ್ ಪೋರ್ಟಲ್ ಮುಖಾಂತರ ದರಪಟ್ಟಿಗಳನ್ನು ಆಹ್ವಾನಿಸಲಾಗಿದೆ. ಹೆಚ್ಚಿನ ವಿವರಗಳಿಗೆ ಕಛೇರಿ ವೇಳೆಯಲ್ಲಿ ಸಂಪರ್ಕಿಸಬಹುದು.
ಕರ್ನಾಟಕ ಸಾರ್ವಜನಿಕ ಸಂಗ್ರಹಣೆಯಲ್ಲಿ ಪಾರದರ್ಶಕತೆ ಕಾಯ್ದೆ ಮತ್ತು ನಿಯಮಗಳಂತೆ ಅರ್ಹ ಗುತ್ತಿಗೆದಾರರಿಂದ ಇ-ಪ್ರೊಕ್ಯೂರ್‌ಮೆಂಟ್ ಪೋರ್ಟಲ್ ಮುಖಾಂತರ ದರಪಟ್ಟಿಗಳನ್ನು ಆಹ್ವಾನಿಸಲಾಗಿದೆ. ಹೆಚ್ಚಿನ ವಿವರಗಳಿಗೆ ಕಛೇರಿ ವೇಳೆಯಲ್ಲಿ ಸಂಪರ್ಕಿಸಬಹುದು.
ದಿನಾಂಕ : 12-06-2025
ಗದಗ-ಬೆಟಗೇರಿ ನಗರಸಭೆ ಕಾರ್ಯಾಲಯ-582101
ಜಿಲ್ಲೆ : ಗದಗ
ದೂ: 08372-259932	ಇ-ಮೇಲ್: ka.gadag.betageri.cmc@gmail.com	ದಿನಾಂಕ : 11-06-2025
ಟೆಂಡರ್ ಪ್ರಕಟಣೆ (02 ನೇ ಕರೆ)
ಕರ್ನಾಟಕ ಸಾರ್ವಜನಿಕ ಸಂಗ್ರಹಣೆಯಲ್ಲಿ ಪಾರದರ್ಶಕತೆ ಕಾಯ್ದೆ ಮತ್ತು ನಿಯಮಗಳಂತೆ ಅರ್ಹ ಗುತ್ತಿಗೆದಾರರಿಂದ ಇ-ಪ್ರೊಕ್ಯೂರ್‌ಮೆಂಟ್ ಪೋರ್ಟಲ್ ಮುಖಾಂತರ ದರಪಟ್ಟಿಗಳನ್ನು ಆಹ್ವಾನಿಸಲಾಗಿದೆ. ಹೆಚ್ಚಿನ ವಿವರಗಳಿಗೆ ಕಛೇರಿ ವೇಳೆಯಲ್ಲಿ ಸಂಪರ್ಕಿಸಬಹುದು.
Sl. No	Indent No	Description	Estimated Project Cost (Capex in Cr.)	Project Design Capacity (In TPD)	Bid Security /EMD
1	DMA/2024-25/ SE4440/Call-2	Selection of Agency for Setting up, Operation and Maintenance of Municipal Solid Waste Processing Facility at SWM Site of Gadag-Betageri CMC On PPP Model Under DBFOT Structure for a concession period of 15 years.	8.73	80 TPD	Rs.13,00,000/-
SCHEDULE OF BIDDING PROCESS
Events	Date & Time
Date of Pre bid meeting	25-06-2025, 11:00.00 Hours
Last date for submission of Tender (Tender Due Date)	27-06-2025, 17:30.00 Hours
Date and Time of opening of Technical bid	30-06-2025, 11:00.00 Hours
Date and Time of opening of Financial bid	01-07-2025, 11:00.00 Hours
ಕರ್ನಾಟಕ ಸಾರ್ವಜನಿಕ ಸಂಗ್ರಹಣೆಯಲ್ಲಿ ಪಾರದರ್ಶಕತೆ ಕಾಯ್ದೆ ಮತ್ತು ನಿಯಮಗಳಂತೆ ಅರ್ಹ ಗುತ್ತಿಗೆದಾರರಿಂದ ಇ-ಪ್ರೊಕ್ಯೂರ್‌ಮೆಂಟ್ ಪೋರ್ಟಲ್ ಮುಖಾಂತರ ದರಪಟ್ಟಿಗಳನ್ನು ಆಹ್ವಾನಿಸಲಾಗಿದೆ. ಹೆಚ್ಚಿನ ವಿವರಗಳಿಗೆ ಕಛೇರಿ ವೇಳೆಯಲ್ಲಿ ಸಂಪರ್ಕಿಸಬಹುದು.
https://kppp.karnataka.gov.in
ಪೌರಾಯುಕ್ತರು ನಗರಸಭೆ, ಗದಗ-ಬೆಟಗೇರಿ
ಕರ್ನಾಟಕ ಸರ್ಕಾರ
ಸಹಾಯಕ ನಿರ್ದೇಶಕರು ಗದಗ ಮೃಗಾಲಯ ಹಾಗೂ ಸಹಾಯಕ ಅರಣ್ಯ ಸಂರಕ್ಷಣಾಧಿಕಾರಿಗಳು, ಗದಗ ಉಪ ವಿಭಾಗ, ಗದಗ
ಇ-ಮೇಲ್ : acfgadag@gmail.com	ದಿನಾಂಕ : 11-06-2025
ಇ-ಟೆಂಡರ್ ಪ್ರಕಟಣೆ
ಕರ್ನಾಟಕ ಸಾರ್ವಜನಿಕ ಸಂಗ್ರಹಣೆಯಲ್ಲಿ ಪಾರದರ್ಶಕತೆ ಕಾಯ್ದೆ ಮತ್ತು ನಿಯಮಗಳಂತೆ ಅರ್ಹ ಗುತ್ತಿಗೆದಾರರಿಂದ ಇ-ಪ್ರೊಕ್ಯೂರ್‌ಮೆಂಟ್ ಪೋರ್ಟಲ್ ಮುಖಾಂತರ ದರಪಟ್ಟಿಗಳನ್ನು ಆಹ್ವಾನಿಸಲಾಗಿದೆ. ಹೆಚ್ಚಿನ ವಿವರಗಳಿಗೆ ಕಛೇರಿ ವೇಳೆಯಲ್ಲಿ ಸಂಪರ್ಕಿಸಬಹುದು.
ಕರ್ನಾಟಕ ಸಾರ್ವಜನಿಕ ಸಂಗ್ರಹಣೆಯಲ್ಲಿ ಪಾರದರ್ಶಕತೆ ಕಾಯ್ದೆ ಮತ್ತು ನಿಯಮಗಳಂತೆ ಅರ್ಹ ಗುತ್ತಿಗೆದಾರರಿಂದ ಇ-ಪ್ರೊಕ್ಯೂರ್‌ಮೆಂಟ್ ಪೋರ್ಟಲ್ ಮುಖಾಂತರ ದರಪಟ್ಟಿಗಳನ್ನು ಆಹ್ವಾನಿಸಲಾಗಿದೆ. ಹೆಚ್ಚಿನ ವಿವರಗಳಿಗೆ ಕಛೇರಿ ವೇಳೆಯಲ್ಲಿ ಸಂಪರ್ಕಿಸಬಹುದು.
1	ZAK/2025-26 SE0052	44,17,910.00	1,10,450.00
2	ZAK/2025-26 IND0069	64,82,500.00	1,62,000.00
ಕರ್ನಾಟಕ ಸಾರ್ವಜನಿಕ ಸಂಗ್ರಹಣೆಯಲ್ಲಿ ಪಾರದರ್ಶಕತೆ ಕಾಯ್ದೆ ಮತ್ತು ನಿಯಮಗಳಂತೆ ಅರ್ಹ ಗುತ್ತಿಗೆದಾರರಿಂದ ಇ-ಪ್ರೊಕ್ಯೂರ್‌ಮೆಂಟ್ ಪೋರ್ಟಲ್ ಮುಖಾಂತರ ದರಪಟ್ಟಿಗಳನ್ನು ಆಹ್ವಾನಿಸಲಾಗಿದೆ. ಹೆಚ್ಚಿನ ವಿವರಗಳಿಗೆ ಕಛೇರಿ ವೇಳೆಯಲ್ಲಿ ಸಂಪರ್ಕಿಸಬಹುದು.
ಕರ್ನಾಟಕ ಸಾರ್ವಜನಿಕ ಸಂಗ್ರಹಣೆಯಲ್ಲಿ ಪಾರದರ್ಶಕತೆ ಕಾಯ್ದೆ ಮತ್ತು ನಿಯಮಗಳಂತೆ ಅರ್ಹ ಗುತ್ತಿಗೆದಾರರಿಂದ ಇ-ಪ್ರೊಕ್ಯೂರ್‌ಮೆಂಟ್ ಪೋರ್ಟಲ್ ಮುಖಾಂತರ ದರಪಟ್ಟಿಗಳನ್ನು ಆಹ್ವಾನಿಸಲಾಗಿದೆ. ಹೆಚ್ಚಿನ ವಿವರಗಳಿಗೆ ಕಛೇರಿ ವೇಳೆಯಲ್ಲಿ ಸಂಪರ್ಕಿಸಬಹುದು.
ಕರ್ನಾಟಕ ಸಾರ್ವಜನಿಕ ಸಂಗ್ರಹಣೆಯಲ್ಲಿ ಪಾರದರ್ಶಕತೆ ಕಾಯ್ದೆ ಮತ್ತು ನಿಯಮಗಳಂತೆ ಅರ್ಹ ಗುತ್ತಿಗೆದಾರರಿಂದ ಇ-ಪ್ರೊಕ್ಯೂರ್‌ಮೆಂಟ್ ಪೋರ್ಟಲ್ ಮುಖಾಂತರ ದರಪಟ್ಟಿಗಳನ್ನು ಆಹ್ವಾನಿಸಲಾಗಿದೆ. ಹೆಚ್ಚಿನ ವಿವರಗಳಿಗೆ ಕಛೇರಿ ವೇಳೆಯಲ್ಲಿ ಸಂಪರ್ಕಿಸಬಹುದು.
https://kppp.karnataka.gov.in
Hosadigantha kannada daily Printed & Published by P.S. Prakash on behalf of Jnanabharathi Prakashana Limited. Printed at Digantha Mudrana, New Thirthahalli Road, Shivamogga - 577201
and Published at 'Madhura Nilaya', 4th Cross, Durgigudi, Park Extension, Shivamogga 577202. Ph: (08182) 401752, 8861209076. Editor : P.S. Prakash, Group Editor : Vinayak S. Bhat.
